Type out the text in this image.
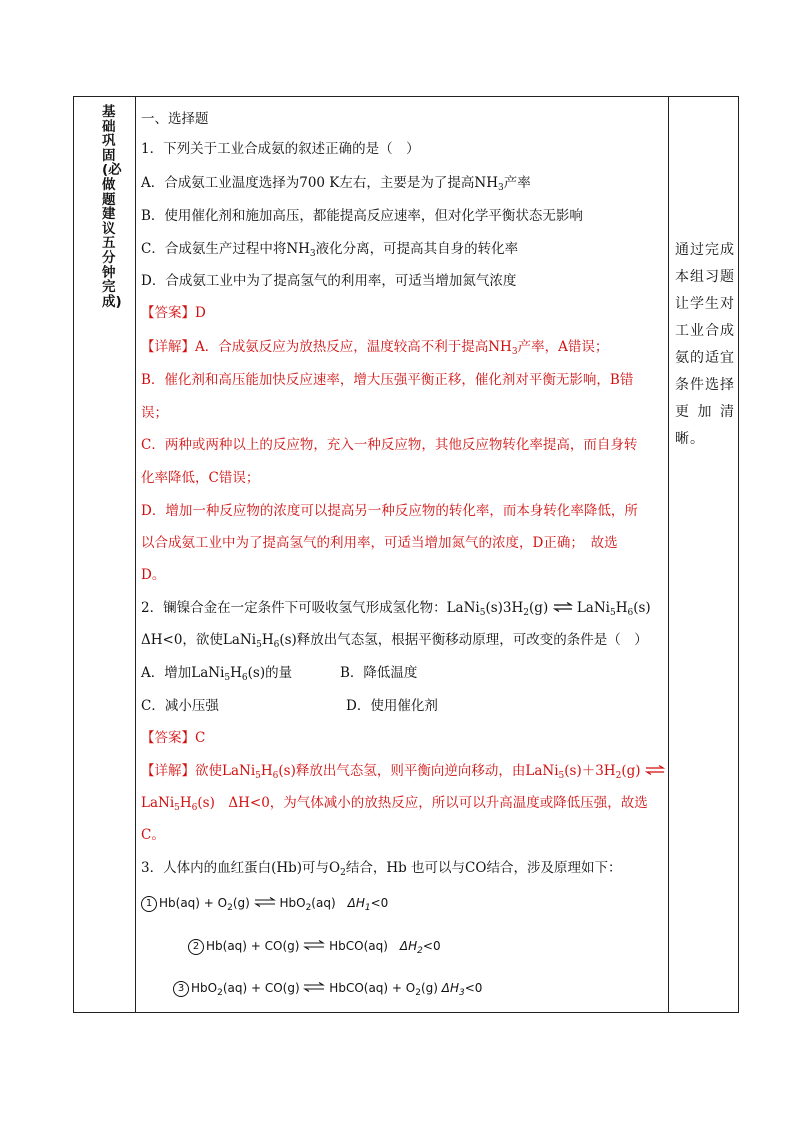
基础巩固(必做题建议五分钟完成)
通过完成
本组习题
让学生对
工业合成
氨的适宜
条件选择
更 加 清
晰。
一、选择题
1．下列关于工业合成氨的叙述正确的是（　）
A．合成氨工业温度选择为700 K左右，主要是为了提高$NH_3$产率
B．使用催化剂和施加高压，都能提高反应速率，但对化学平衡状态无影响
C．合成氨生产过程中将$NH_3$液化分离，可提高其自身的转化率
D．合成氨工业中为了提高氢气的利用率，可适当增加氮气浓度
【答案】D
【详解】A．合成氨反应为放热反应，温度较高不利于提高$NH_3$产率，A错误；
B．催化剂和高压能加快反应速率，增大压强平衡正移，催化剂对平衡无影响，B错
误；
C．两种或两种以上的反应物，充入一种反应物，其他反应物转化率提高，而自身转
化率降低，C错误；
D．增加一种反应物的浓度可以提高另一种反应物的转化率，而本身转化率降低，所
以合成氨工业中为了提高氢气的利用率，可适当增加氮气的浓度，D正确；　故选
D。
2．镧镍合金在一定条件下可吸收氢气形成氢化物：$LaNi_5(s)3H_2(g)$ ⇌ $LaNi_5H_6(s)$
ΔH<0，欲使$LaNi_5H_6(s)$释放出气态氢，根据平衡移动原理，可改变的条件是（　）
A．增加$LaNi_5H_6(s)$的量	B．降低温度
C．减小压强	D．使用催化剂
【答案】C
【详解】欲使$LaNi_5H_6(s)$释放出气态氢，则平衡向逆向移动，由$LaNi_5(s)+3H_2(g)$ ⇌
$LaNi_5H_6(s)$　ΔH<0，为气体减小的放热反应，所以可以升高温度或降低压强，故选
C。
3．人体内的血红蛋白(Hb)可与$O_2$结合，Hb 也可以与CO结合，涉及原理如下：
1 $Hb(aq) + O_2(g)$ ⇌ HbO$_2$(aq)　$\Delta H_1<0$
2 Hb(aq) + CO(g) ⇌ HbCO(aq)　$\Delta H_2<0$
3 HbO$_2$(aq) + CO(g) ⇌ HbCO(aq) + $O_2(g)$ $\Delta H_3<0$
